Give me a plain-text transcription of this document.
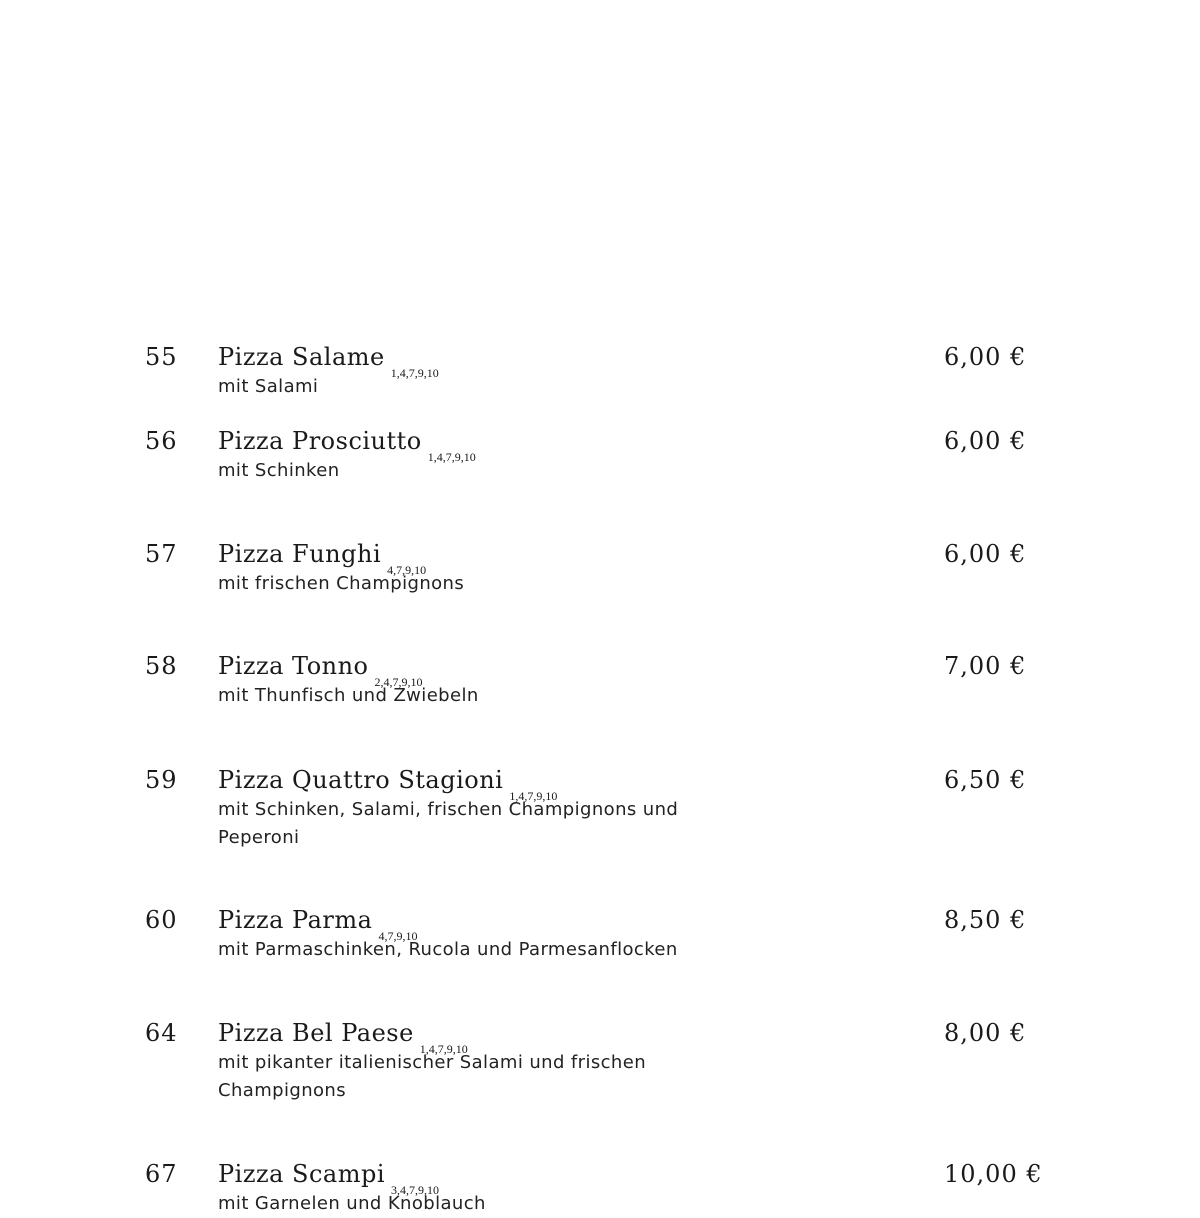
55 Pizza Salame$_{1,4,7,9,10}$
mit Salami
6,00 €
56 Pizza Prosciutto$_{1,4,7,9,10}$
mit Schinken
6,00 €
57 Pizza Funghi$_{4,7,9,10}$
mit frischen Champignons
6,00 €
58 Pizza Tonno$_{2,4,7,9,10}$
mit Thunfisch und Zwiebeln
7,00 €
59 Pizza Quattro Stagioni$_{1,4,7,9,10}$
mit Schinken, Salami, frischen Champignons und Peperoni
6,50 €
60 Pizza Parma$_{4,7,9,10}$
mit Parmaschinken, Rucola und Parmesanflocken
8,50 €
64 Pizza Bel Paese$_{1,4,7,9,10}$
mit pikanter italienischer Salami und frischen Champignons
8,00 €
67 Pizza Scampi$_{3,4,7,9,10}$
mit Garnelen und Knoblauch
10,00 €
